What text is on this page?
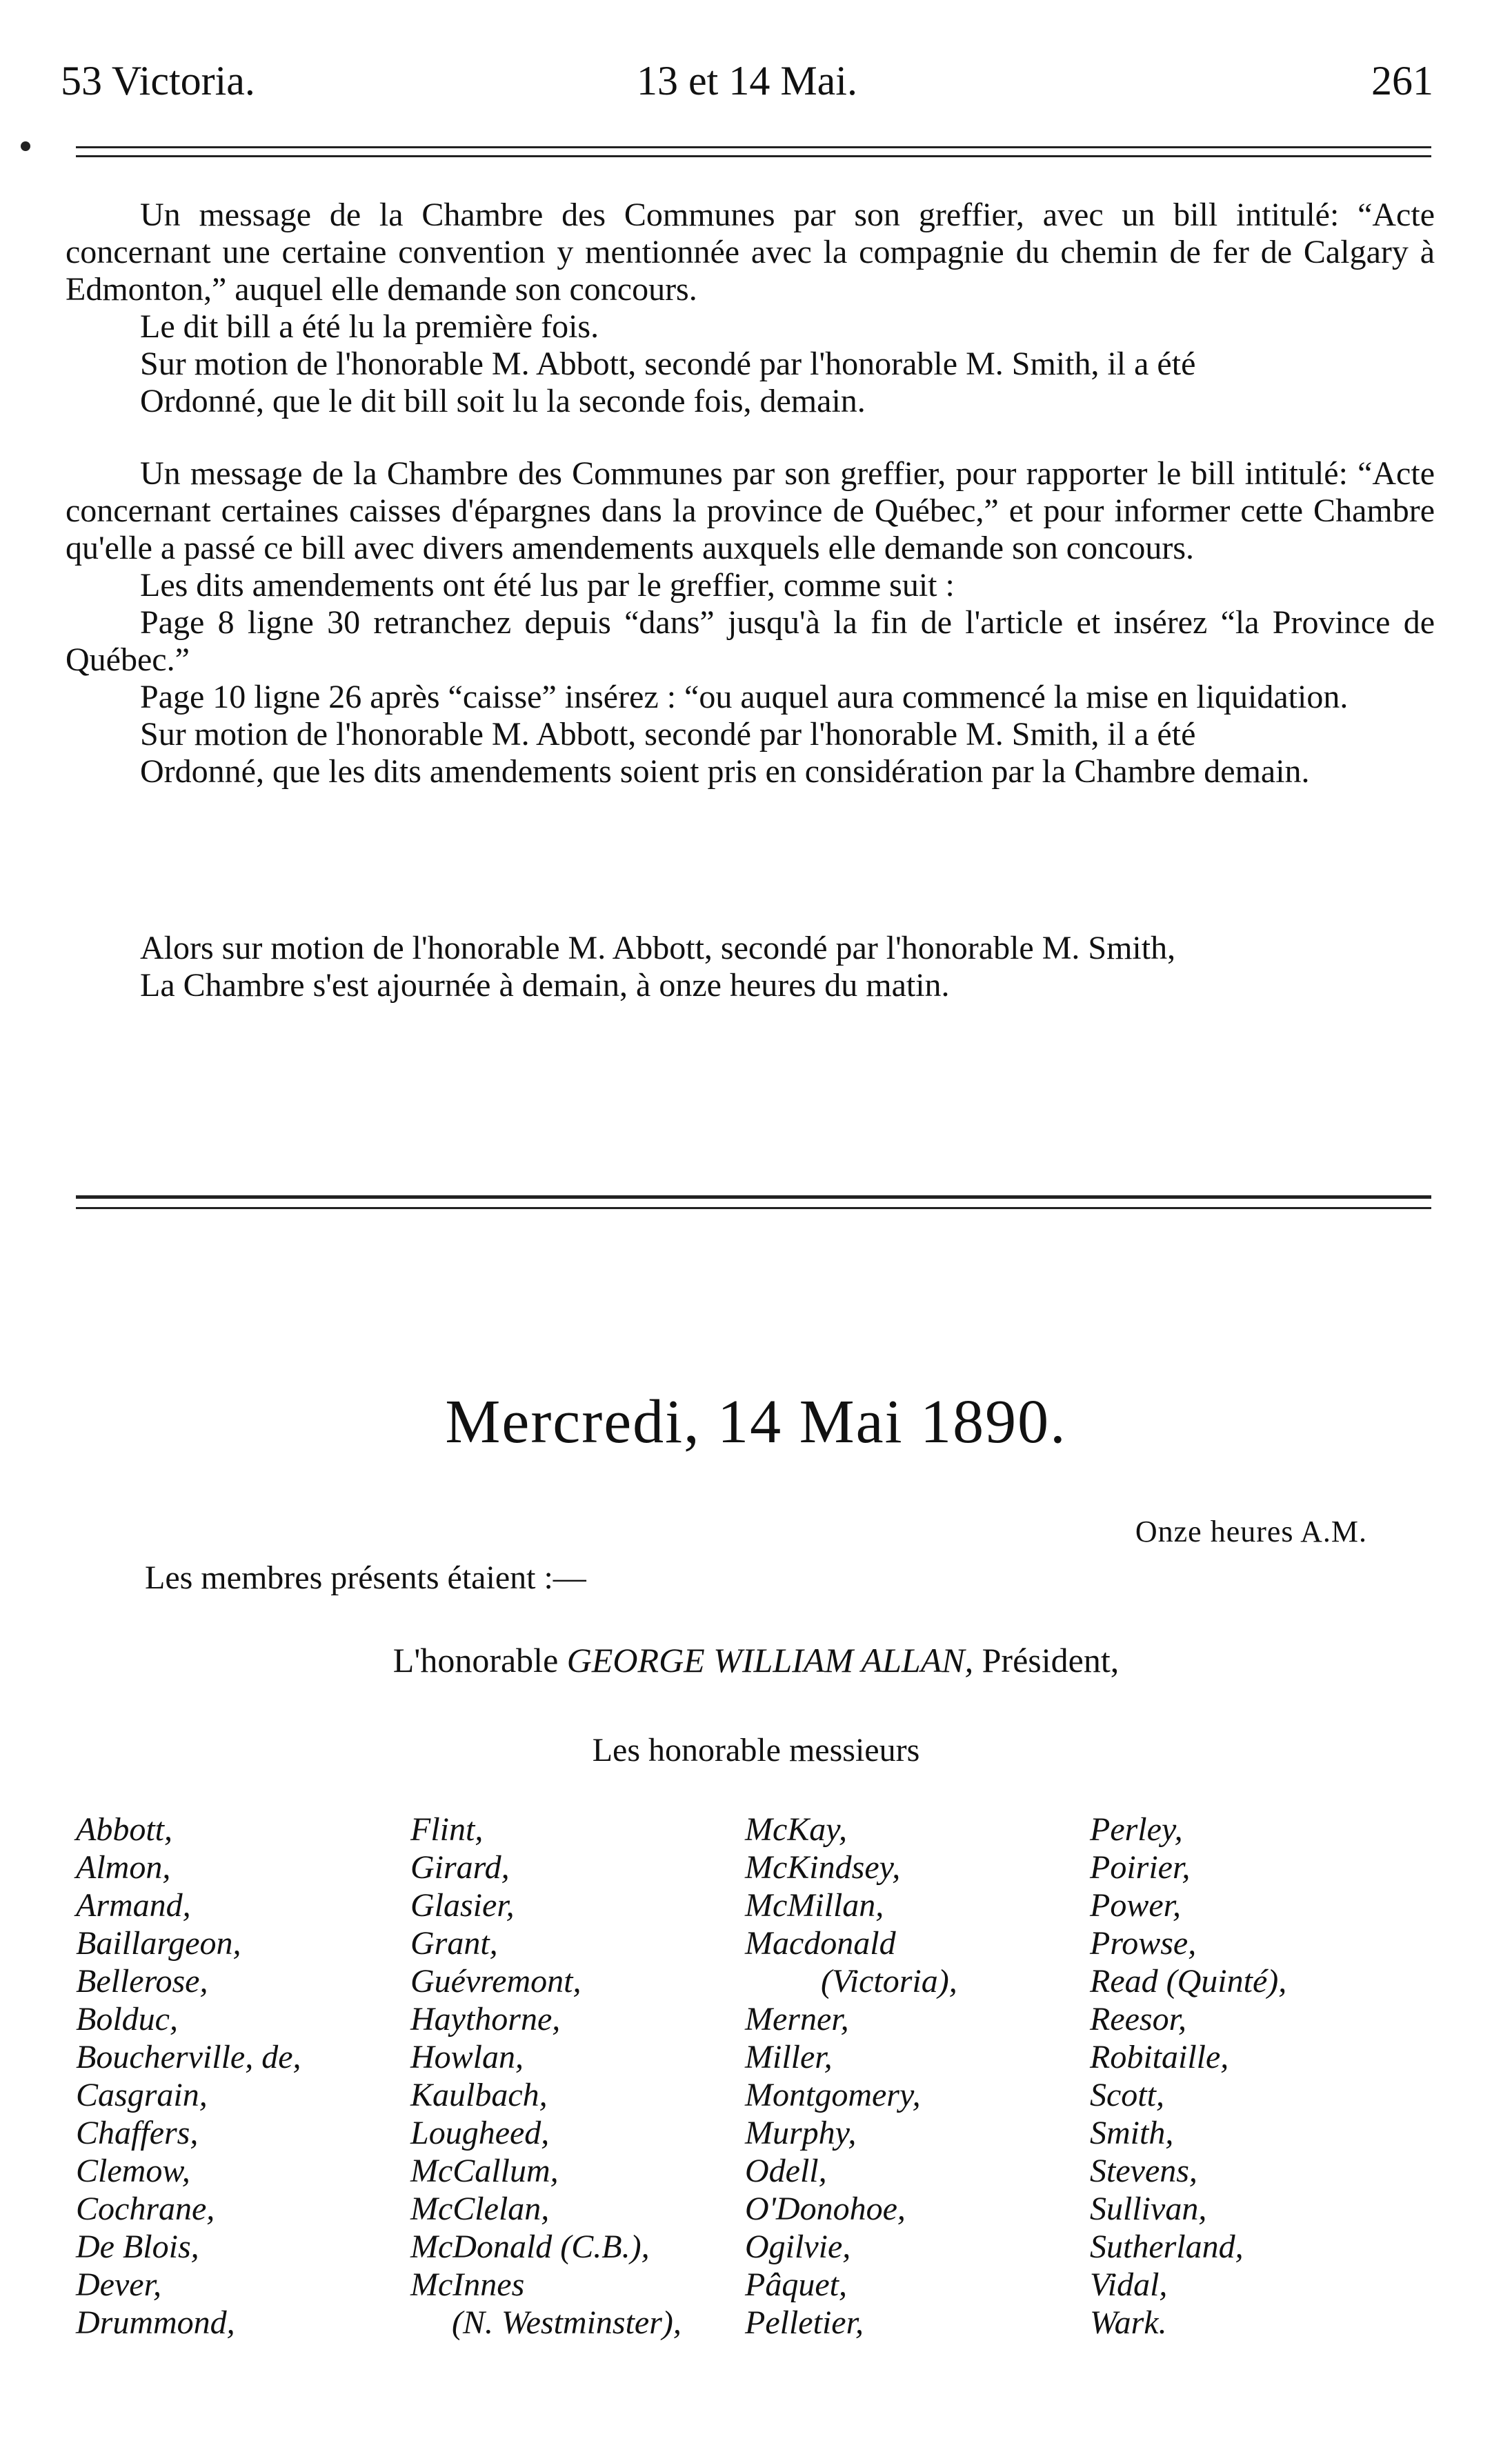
53 Victoria.	13 et 14 Mai.	261

Un message de la Chambre des Communes par son greffier, avec un bill intitulé: “Acte concernant une certaine convention y mentionnée avec la compagnie du chemin de fer de Calgary à Edmonton,” auquel elle demande son concours.

Le dit bill a été lu la première fois.

Sur motion de l'honorable M. Abbott, secondé par l'honorable M. Smith, il a été

Ordonné, que le dit bill soit lu la seconde fois, demain.

Un message de la Chambre des Communes par son greffier, pour rapporter le bill intitulé: “Acte concernant certaines caisses d'épargnes dans la province de Québec,” et pour informer cette Chambre qu'elle a passé ce bill avec divers amendements auxquels elle demande son concours.

Les dits amendements ont été lus par le greffier, comme suit :

Page 8 ligne 30 retranchez depuis “dans” jusqu'à la fin de l'article et insérez “la Province de Québec.”

Page 10 ligne 26 après “caisse” insérez : “ou auquel aura commencé la mise en liquidation.

Sur motion de l'honorable M. Abbott, secondé par l'honorable M. Smith, il a été

Ordonné, que les dits amendements soient pris en considération par la Chambre demain.

Alors sur motion de l'honorable M. Abbott, secondé par l'honorable M. Smith,

La Chambre s'est ajournée à demain, à onze heures du matin.

Mercredi, 14 Mai 1890.
Onze heures A.M.
Les membres présents étaient :—
L'honorable GEORGE WILLIAM ALLAN, Président,
Les honorable messieurs
Abbott,
Almon,
Armand,
Baillargeon,
Bellerose,
Bolduc,
Boucherville, de,
Casgrain,
Chaffers,
Clemow,
Cochrane,
De Blois,
Dever,
Drummond,
Flint,
Girard,
Glasier,
Grant,
Guévremont,
Haythorne,
Howlan,
Kaulbach,
Lougheed,
McCallum,
McClelan,
McDonald (C.B.),
McInnes
(N. Westminster),
McKay,
McKindsey,
McMillan,
Macdonald
(Victoria),
Merner,
Miller,
Montgomery,
Murphy,
Odell,
O'Donohoe,
Ogilvie,
Pâquet,
Pelletier,
Perley,
Poirier,
Power,
Prowse,
Read (Quinté),
Reesor,
Robitaille,
Scott,
Smith,
Stevens,
Sullivan,
Sutherland,
Vidal,
Wark.
